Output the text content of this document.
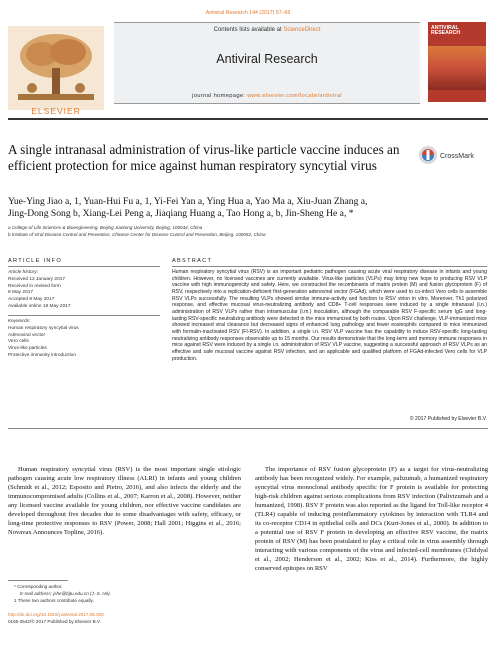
Antiviral Research 144 (2017) 57–69
ELSEVIER
Contents lists available at ScienceDirect
Antiviral Research
journal homepage: www.elsevier.com/locate/antiviral
ANTIVIRAL RESEARCH
A single intranasal administration of virus-like particle vaccine induces an efficient protection for mice against human respiratory syncytial virus
CrossMark
Yue-Ying Jiao a, 1, Yuan-Hui Fu a, 1, Yi-Fei Yan a, Ying Hua a, Yao Ma a, Xiu-Juan Zhang a,
Jing-Dong Song b, Xiang-Lei Peng a, Jiaqiang Huang a, Tao Hong a, b, Jin-Sheng He a, *
a College of Life Sciences & Bioengineering, Beijing Jiaotong University, Beijing, 100044, China
b Institute of Viral Disease Control and Prevention, Chinese Center for Disease Control and Prevention, Beijing, 100052, China
ARTICLE INFO
Article history:
Received 12 January 2017
Received in revised form
8 May 2017
Accepted 8 May 2017
Available online 18 May 2017
Keywords:
Human respiratory syncytial virus
Adenoviral vector
Vero cells
Virus-like particles
Protective immunity introduction
ABSTRACT
Human respiratory syncytial virus (RSV) is an important pediatric pathogen causing acute viral respiratory disease in infants and young children. However, no licensed vaccines are currently available. Virus-like particles (VLPs) may bring new hope to producing RSV VLP vaccine with high immunogenicity and safety. Here, we constructed the recombinants of matrix protein (M) and fusion glycoprotein (F) of RSV, respectively into a replication-deficient first-generation adenoviral vector (FGAd), which were used to co-infect Vero cells to assemble RSV VLPs successfully. The resulting VLPs showed similar immune-activity and function to RSV virion in vitro. Moreover, Th1 polarized response, and effective mucosal virus-neutralizing antibody and CD8+ T-cell responses were induced by a single intranasal (i.n.) administration of RSV VLPs rather than intramuscular (i.m.) inoculation, although the comparable RSV F-specific serum IgG and long-lasting RSV-specific neutralizing antibody were detected in the mice immunized by both routes. Upon RSV challenge, VLP-immunized mice showed increased viral clearance but decreased signs of enhanced lung pathology and fewer eosinophils compared to mice immunized with formalin-inactivated RSV (FI-RSV). In addition, a single i.n. RSV VLP vaccine has the capability to induce RSV-specific long-lasting neutralizing antibody responses observable up to 15 months. Our results demonstrate that the long-term and memory immune responses in mice against RSV were induced by a single i.n. administration of RSV VLP vaccine, suggesting a successful approach of RSV VLPs as an effective and safe mucosal vaccine against RSV infection, and an applicable and qualified platform of FGAd-infected Vero cells for VLP production.
© 2017 Published by Elsevier B.V.
Human respiratory syncytial virus (RSV) is the most important single etiologic pathogen causing acute low respiratory illness (ALRI) in infants and young children (Schmidt et al., 2012; Esposito and Pietro, 2016), and also infects the elderly and the immunocompromised adults (Collins et al., 2007; Karron et al., 2008). However, neither any licensed vaccine available for young children, nor effective vaccine candidates are developed throughout five decades due to some disadvantages with safety, efficacy, or long-time protective responses to RSV (Power, 2008; Hall 2001; Higgins et al., 2016; Novavax Announces Topline, 2016).
The importance of RSV fusion glycoprotein (F) as a target for virus-neutralizing antibody has been recognized widely. For example, palizumab, a humanized respiratory syncytial virus monoclonal antibody specific for F protein is available for protecting high-risk children against serious complications from RSV infection (Palivizumab and a humanized, 1998). RSV F protein was also reported as the ligand for Toll-like receptor 4 (TLR4) capable of inducing proinflammatory cytokines by interaction with TLR4 and its co-receptor CD14 in epithelial cells and DCs (Kurt-Jones et al., 2000). In addition to a potential use of RSV F protein in developing an effective RSV vaccine, the matrix protein of RSV (M) has been postulated to play a critical role in virus assembly through interacting with various components of the virus and infected-cell membranes (Childyal et al., 2002; Henderson et al., 2002; Kiss et al., 2014). Furthermore, the highly conserved epitopes on RSV
* Corresponding author.
E-mail address: jshe@bjtu.edu.cn (J.-S. He).
1 These two authors contribute equally.
http://dx.doi.org/10.1016/j.antiviral.2017.05.005
0166-3542/© 2017 Published by Elsevier B.V.
